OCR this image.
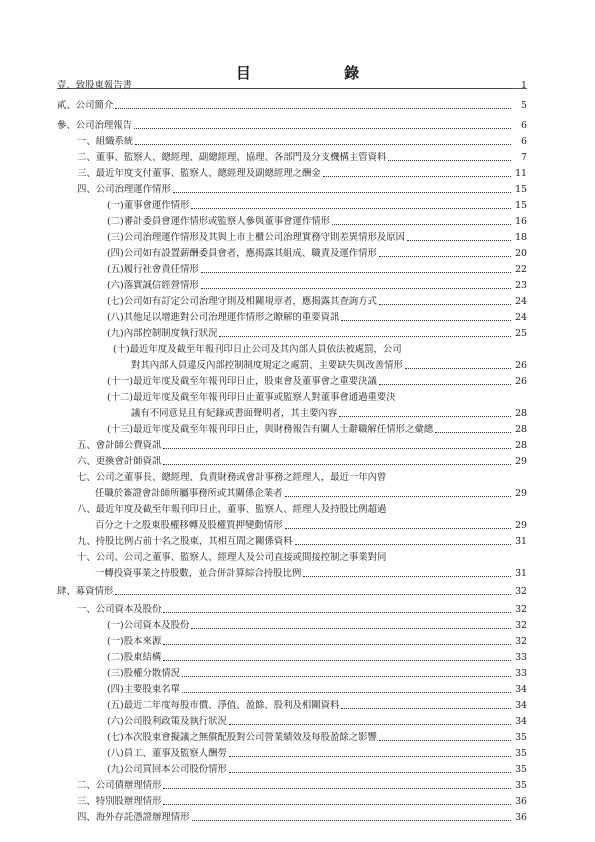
目 錄
壹、致股東報告書	1
貳、公司簡介	5
參、公司治理報告	6
一、組織系統	6
二、董事、監察人、總經理、副總經理、協理、各部門及分支機構主管資料	7
三、最近年度支付董事、監察人、總經理及副總經理之酬金	11
四、公司治理運作情形	15
(一)董事會運作情形	15
(二)審計委員會運作情形或監察人參與董事會運作情形	16
(三)公司治理運作情形及其與上市上櫃公司治理實務守則差異情形及原因	18
(四)公司如有設置薪酬委員會者，應揭露其組成、職責及運作情形	20
(五)履行社會責任情形	22
(六)落實誠信經營情形	23
(七)公司如有訂定公司治理守則及相關規章者，應揭露其查詢方式	24
(八)其他足以增進對公司治理運作情形之瞭解的重要資訊	24
(九)內部控制制度執行狀況	25
(十)最近年度及截至年報刊印日止公司及其內部人員依法被處罰，公司
對其內部人員違反內部控制制度規定之處罰、主要缺失與改善情形	26
(十一)最近年度及截至年報刊印日止，股東會及董事會之重要決議	26
(十二)最近年度及截至年報刊印日止董事或監察人對董事會通過重要決
議有不同意見且有紀錄或書面聲明者，其主要內容	28
(十三)最近年度及截至年報刊印日止，與財務報告有關人士辭職解任情形之彙總	28
五、會計師公費資訊	28
六、更換會計師資訊	29
七、公司之董事長、總經理、負責財務或會計事務之經理人，最近一年內曾
任職於簽證會計師所屬事務所或其關係企業者	29
八、最近年度及截至年報刊印日止，董事、監察人、經理人及持股比例超過
百分之十之股東股權移轉及股權質押變動情形	29
九、持股比例占前十名之股東，其相互間之關係資料	31
十、公司、公司之董事、監察人、經理人及公司直接或間接控制之事業對同
一轉投資事業之持股數，並合併計算綜合持股比例	31
肆、募資情形	32
一、公司資本及股份	32
(一)公司資本及股份	32
(一)股本來源	32
(二)股東結構	33
(三)股權分散情況	33
(四)主要股東名單	34
(五)最近二年度每股市價、淨值、盈餘、股利及相關資料	34
(六)公司股利政策及執行狀況	34
(七)本次股東會擬議之無償配股對公司營業績效及每股盈餘之影響	35
(八)員工、董事及監察人酬勞	35
(九)公司買回本公司股份情形	35
二、公司債辦理情形	35
三、特別股辦理情形	36
四、海外存託憑證辦理情形	36
